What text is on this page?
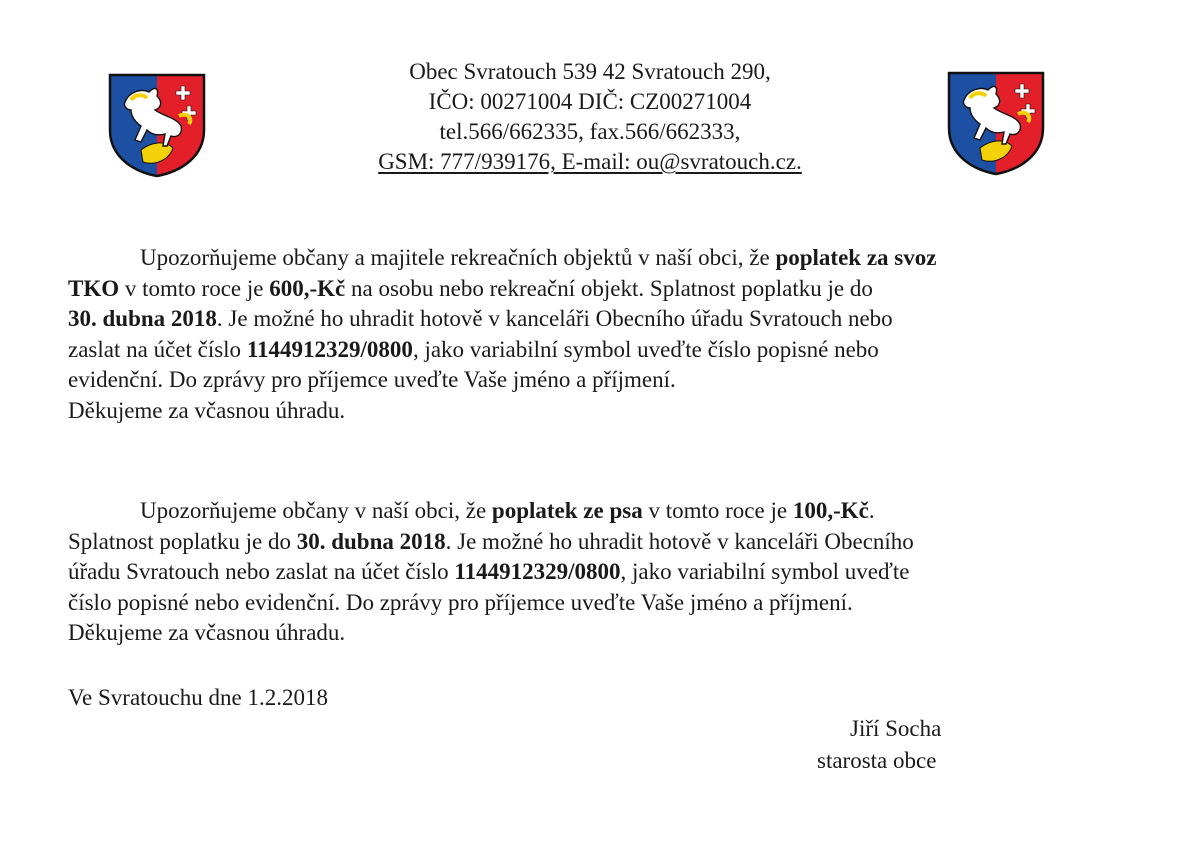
Obec Svratouch 539 42 Svratouch 290,
IČO: 00271004 DIČ: CZ00271004
tel.566/662335, fax.566/662333,
GSM: 777/939176, E-mail: ou@svratouch.cz.
Upozorňujeme občany a majitele rekreačních objektů v naší obci, že poplatek za svoz
TKO v tomto roce je 600,-Kč na osobu nebo rekreační objekt. Splatnost poplatku je do
30. dubna 2018. Je možné ho uhradit hotově v kanceláři Obecního úřadu Svratouch nebo
zaslat na účet číslo 1144912329/0800, jako variabilní symbol uveďte číslo popisné nebo
evidenční. Do zprávy pro příjemce uveďte Vaše jméno a příjmení.
Děkujeme za včasnou úhradu.
Upozorňujeme občany v naší obci, že poplatek ze psa v tomto roce je 100,-Kč.
Splatnost poplatku je do 30. dubna 2018. Je možné ho uhradit hotově v kanceláři Obecního
úřadu Svratouch nebo zaslat na účet číslo 1144912329/0800, jako variabilní symbol uveďte
číslo popisné nebo evidenční. Do zprávy pro příjemce uveďte Vaše jméno a příjmení.
Děkujeme za včasnou úhradu.
Ve Svratouchu dne 1.2.2018
Jiří Socha
starosta obce
